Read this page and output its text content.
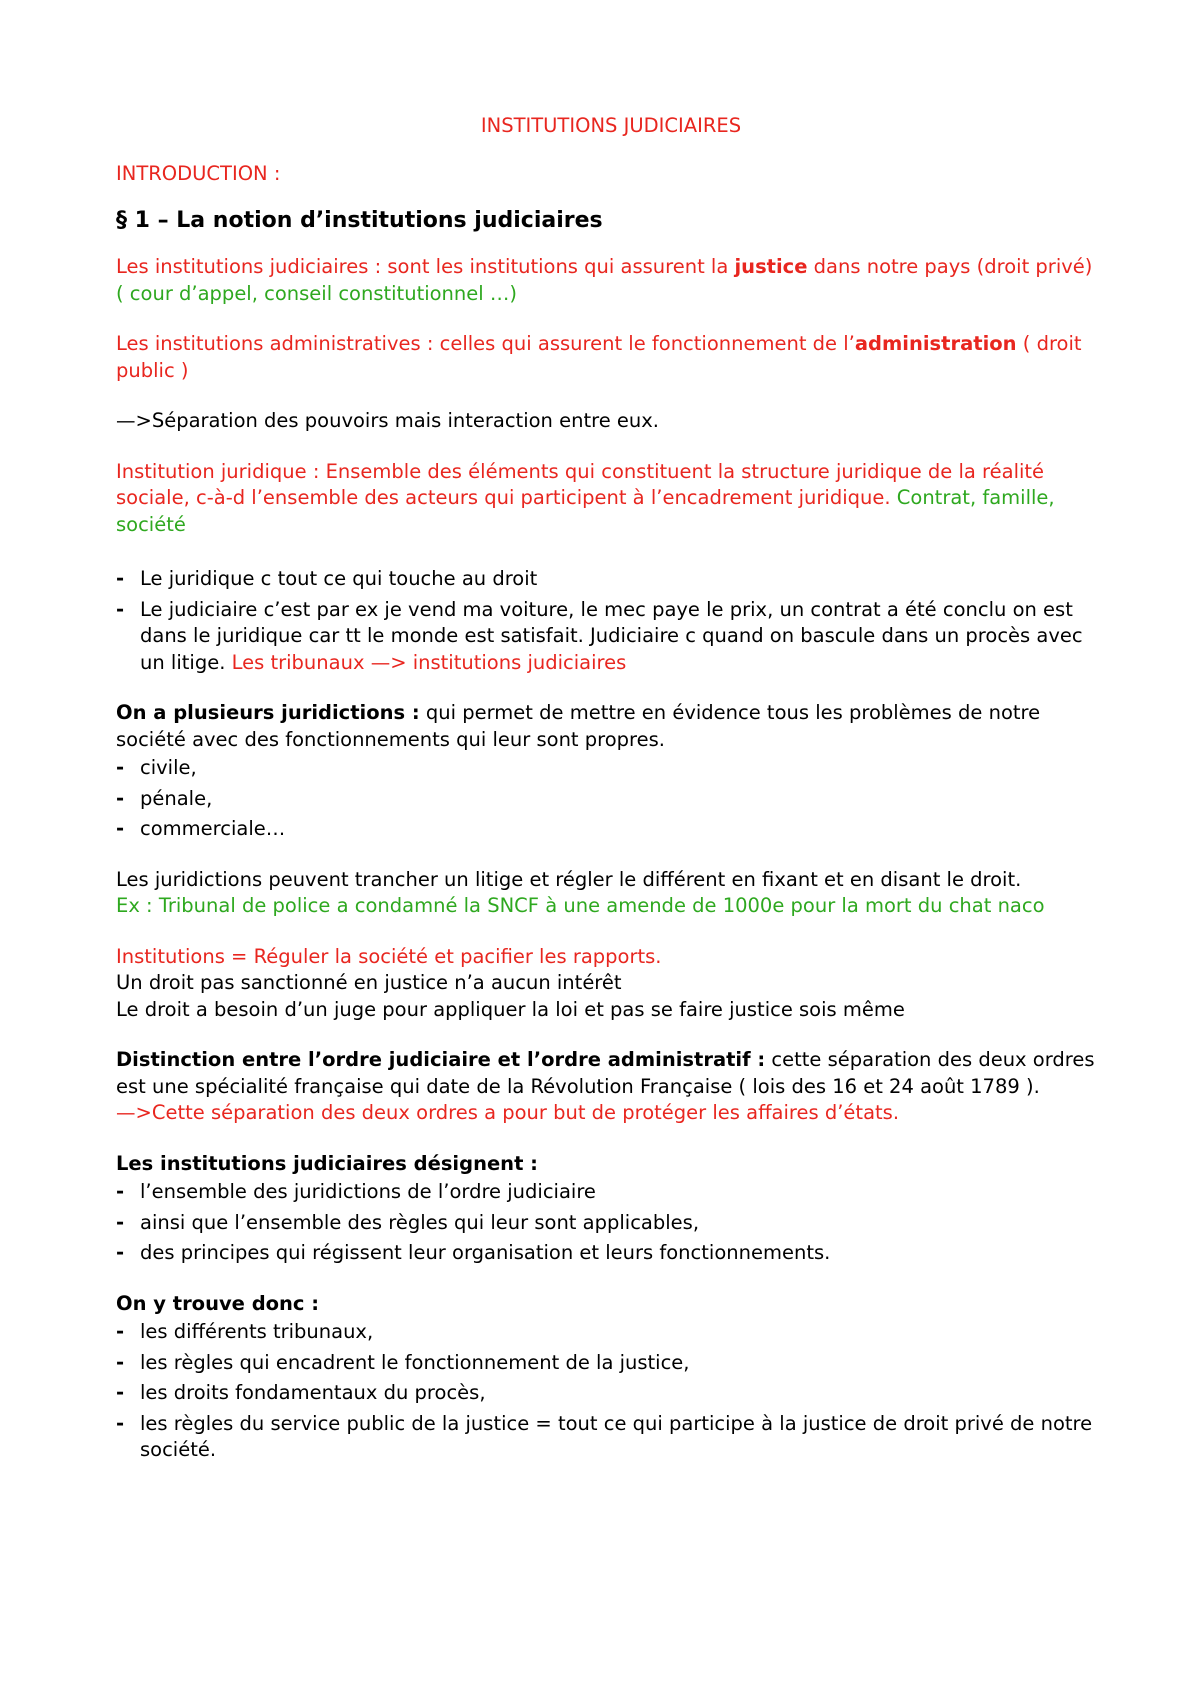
INSTITUTIONS JUDICIAIRES
INTRODUCTION :
§ 1 – La notion d’institutions judiciaires

Les institutions judiciaires : sont les institutions qui assurent la justice dans notre pays (droit privé) ( cour d’appel, conseil constitutionnel …)

Les institutions administratives : celles qui assurent le fonctionnement de l’administration ( droit public )

—>Séparation des pouvoirs mais interaction entre eux.

Institution juridique : Ensemble des éléments qui constituent la structure juridique de la réalité sociale, c-à-d l’ensemble des acteurs qui participent à l’encadrement juridique. Contrat, famille, société

- Le juridique c tout ce qui touche au droit
- Le judiciaire c’est par ex je vend ma voiture, le mec paye le prix, un contrat a été conclu on est dans le juridique car tt le monde est satisfait. Judiciaire c quand on bascule dans un procès avec un litige. Les tribunaux —> institutions judiciaires

On a plusieurs juridictions : qui permet de mettre en évidence tous les problèmes de notre société avec des fonctionnements qui leur sont propres.

- civile,
- pénale,
- commerciale…

Les juridictions peuvent trancher un litige et régler le différent en fixant et en disant le droit.

Ex : Tribunal de police a condamné la SNCF à une amende de 1000e pour la mort du chat naco

Institutions = Réguler la société et pacifier les rapports.
Un droit pas sanctionné en justice n’a aucun intérêt
Le droit a besoin d’un juge pour appliquer la loi et pas se faire justice sois même

Distinction entre l’ordre judiciaire et l’ordre administratif : cette séparation des deux ordres est une spécialité française qui date de la Révolution Française ( lois des 16 et 24 août 1789 ).
—>Cette séparation des deux ordres a pour but de protéger les affaires d’états.

Les institutions judiciaires désignent :

- l’ensemble des juridictions de l’ordre judiciaire
- ainsi que l’ensemble des règles qui leur sont applicables,
- des principes qui régissent leur organisation et leurs fonctionnements.

On y trouve donc :

- les différents tribunaux,
- les règles qui encadrent le fonctionnement de la justice,
- les droits fondamentaux du procès,
- les règles du service public de la justice = tout ce qui participe à la justice de droit privé de notre société.
